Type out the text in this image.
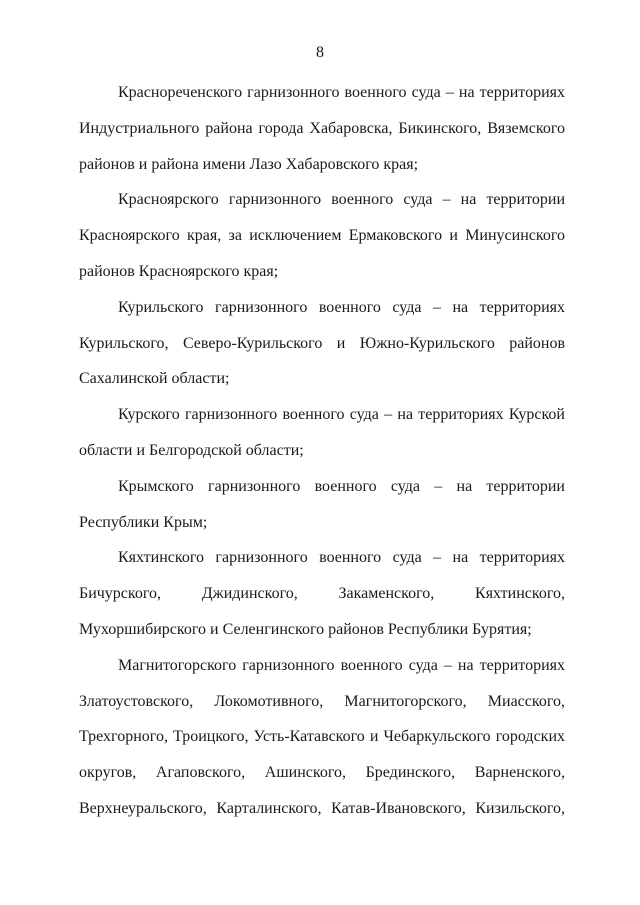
8

Краснореченского гарнизонного военного суда – на территориях Индустриального района города Хабаровска, Бикинского, Вяземского районов и района имени Лазо Хабаровского края;

Красноярского гарнизонного военного суда – на территории Красноярского края, за исключением Ермаковского и Минусинского районов Красноярского края;

Курильского гарнизонного военного суда – на территориях Курильского, Северо-Курильского и Южно-Курильского районов Сахалинской области;

Курского гарнизонного военного суда – на территориях Курской области и Белгородской области;

Крымского гарнизонного военного суда – на территории Республики Крым;

Кяхтинского гарнизонного военного суда – на территориях Бичурского, Джидинского, Закаменского, Кяхтинского, Мухоршибирского и Селенгинского районов Республики Бурятия;

Магнитогорского гарнизонного военного суда – на территориях Златоустовского, Локомотивного, Магнитогорского, Миасского, Трехгорного, Троицкого, Усть-Катавского и Чебаркульского городских округов, Агаповского, Ашинского, Брединского, Варненского, Верхнеуральского, Карталинского, Катав-Ивановского, Кизильского,
